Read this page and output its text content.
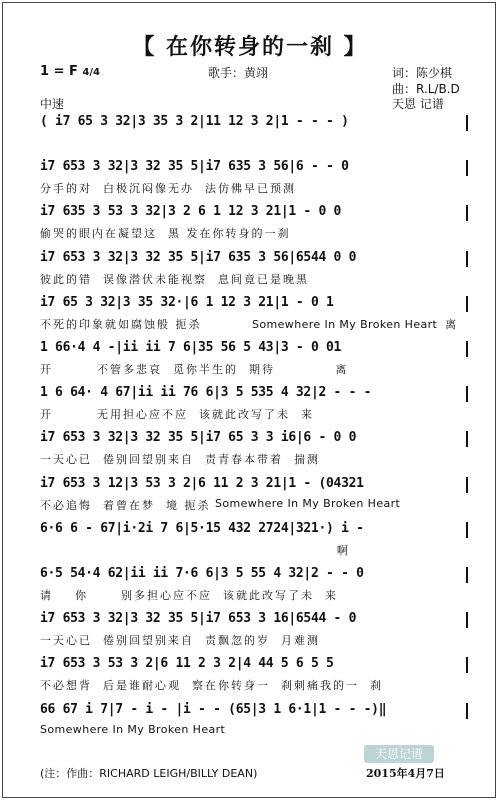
【 在你转身的一刹 】
1 = F 4/4	歌手：黄翊	词：陈少棋
曲：R.L/B.D
中速	天恩 记谱
( i7 65 3 32|3 35 3 2|11 12 3 2|1 - - - )
i7 653 3 32|3 32 35 5|i7 635 3 56|6 - - 0
分手的对  白极沉闷像无办  法仿佛早已预测
i7 635 3 53 3 32|3 2 6 1 12 3 21|1 - 0 0
偷哭的眼内在凝望这  黑 发在你转身的一刹
i7 653 3 32|3 32 35 5|i7 635 3 56|6544 0 0
彼此的错  误像潜伏未能视察  息间竟已是晚黑
i7 65 3 32|3 35 32·|6 1 12 3 21|1 - 0 1
不死的印象就如腐蚀般 扼杀	Somewhere In My Broken Heart  离
1 66·4 4 -|ii ii 7 6|35 56 5 43|3 - 0 01
开        不管多悲哀  觅你半生的  期待           离
1 6 64· 4 67|ii ii 76 6|3 5 535 4 32|2 - - -
开        无用担心应不应  该就此改写了未  来
i7 653 3 32|3 32 35 5|i7 65 3 3 i6|6 - 0 0
一天心已  倦别回望别来自  责青春本带着  揣测
i7 653 3 12|3 53 3 2|6 11 2 3 21|1 - (04321
不必追悔  着曾在梦  境 扼杀 Somewhere In My Broken Heart
6·6 6 - 67|i·2i 7 6|5·15 432 2724|321·) i -
啊
6·5 54·4 62|ii ii 7·6 6|3 5 55 4 32|2 - - 0
请    你      别多担心应不应  该就此改写了未  来
i7 653 3 32|3 32 35 5|i7 653 3 16|6544 - 0
一天心已  倦别回望别来自  责飘忽的岁  月难测
i7 653 3 53 3 2|6 11 2 3 2|4 44 5 6 5 5
不必想背  后是谁耐心观  察在你转身一  刹刺痛我的一  刹
66 67 i 7|7 - i - |i - - (65|3 1 6·1|1 - - -)‖
Somewhere In My Broken Heart
(注：作曲：RICHARD LEIGH/BILLY DEAN)
天恩记谱
2015年4月7日
